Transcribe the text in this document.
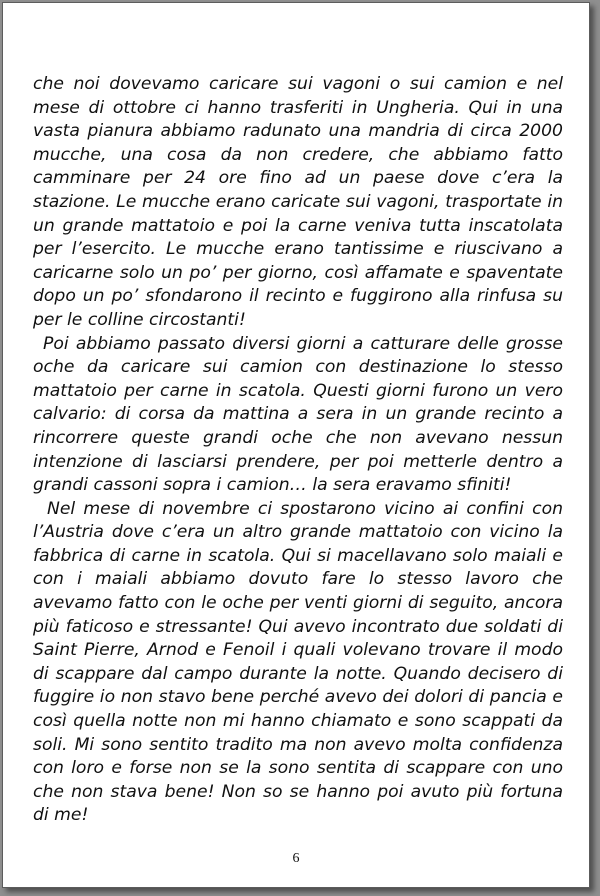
che noi dovevamo caricare sui vagoni o sui camion e nel mese di ottobre ci hanno trasferiti in Ungheria. Qui in una vasta pianura abbiamo radunato una mandria di circa 2000 mucche, una cosa da non credere, che abbiamo fatto camminare per 24 ore fino ad un paese dove c’era la stazione. Le mucche erano caricate sui vagoni, trasportate in un grande mattatoio e poi la carne veniva tutta inscatolata per l’esercito. Le mucche erano tantissime e riuscivano a caricarne solo un po’ per giorno, così affamate e spaventate dopo un po’ sfondarono il recinto e fuggirono alla rinfusa su per le colline circostanti!

Poi abbiamo passato diversi giorni a catturare delle grosse oche da caricare sui camion con destinazione lo stesso mattatoio per carne in scatola. Questi giorni furono un vero calvario: di corsa da mattina a sera in un grande recinto a rincorrere queste grandi oche che non avevano nessun intenzione di lasciarsi prendere, per poi metterle dentro a grandi cassoni sopra i camion… la sera eravamo sfiniti!

Nel mese di novembre ci spostarono vicino ai confini con l’Austria dove c’era un altro grande mattatoio con vicino la fabbrica di carne in scatola. Qui si macellavano solo maiali e con i maiali abbiamo dovuto fare lo stesso lavoro che avevamo fatto con le oche per venti giorni di seguito, ancora più faticoso e stressante! Qui avevo incontrato due soldati di Saint Pierre, Arnod e Fenoil i quali volevano trovare il modo di scappare dal campo durante la notte. Quando decisero di fuggire io non stavo bene perché avevo dei dolori di pancia e così quella notte non mi hanno chiamato e sono scappati da soli. Mi sono sentito tradito ma non avevo molta confidenza con loro e forse non se la sono sentita di scappare con uno che non stava bene! Non so se hanno poi avuto più fortuna di me!

6
